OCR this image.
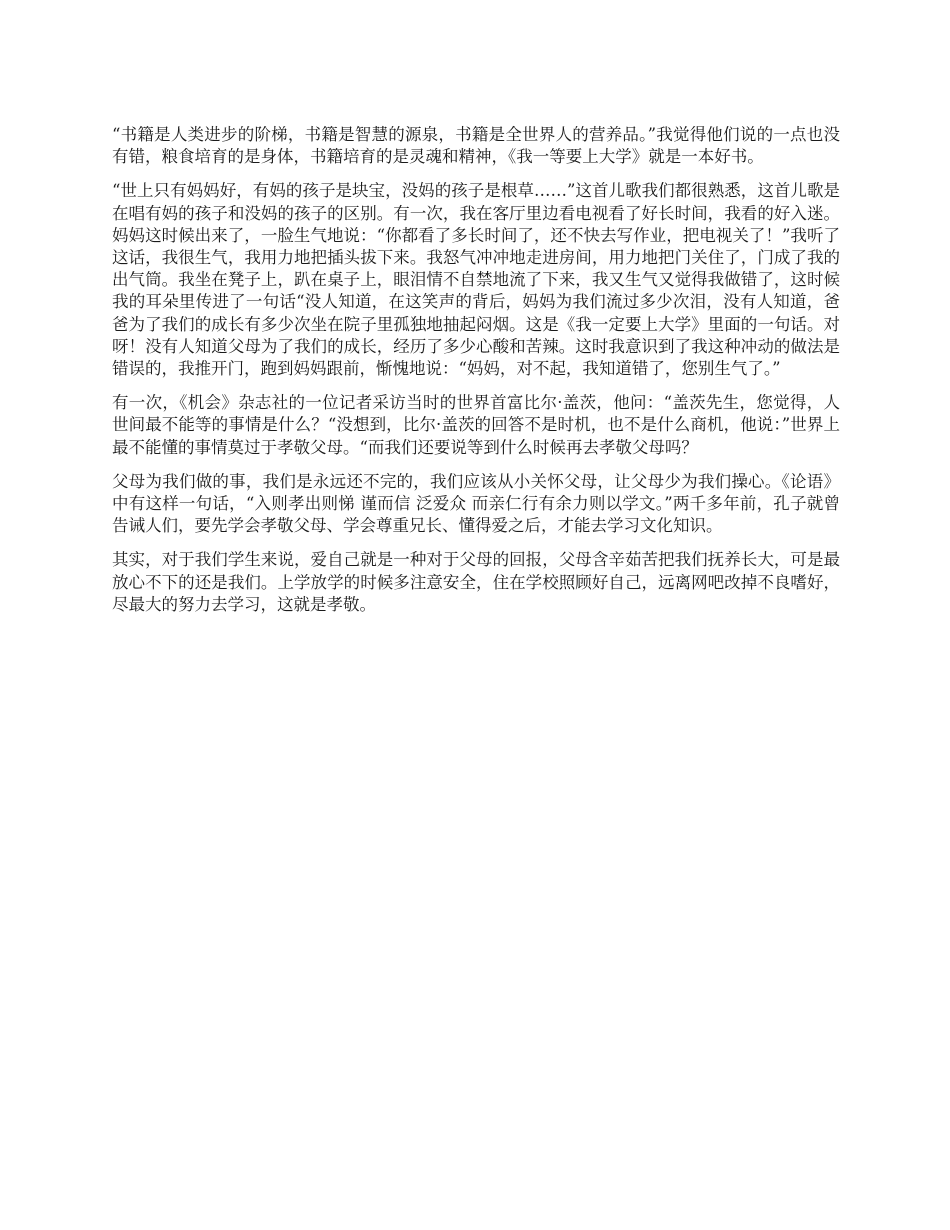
“书籍是人类进步的阶梯，书籍是智慧的源泉，书籍是全世界人的营养品。”我觉得他们说的一点也没有错，粮食培育的是身体，书籍培育的是灵魂和精神，《我一等要上大学》就是一本好书。

“世上只有妈妈好，有妈的孩子是块宝，没妈的孩子是根草……”这首儿歌我们都很熟悉，这首儿歌是在唱有妈的孩子和没妈的孩子的区别。有一次，我在客厅里边看电视看了好长时间，我看的好入迷。妈妈这时候出来了，一脸生气地说：“你都看了多长时间了，还不快去写作业，把电视关了！”我听了这话，我很生气，我用力地把插头拔下来。我怒气冲冲地走进房间，用力地把门关住了，门成了我的出气筒。我坐在凳子上，趴在桌子上，眼泪情不自禁地流了下来，我又生气又觉得我做错了，这时候我的耳朵里传进了一句话“没人知道，在这笑声的背后，妈妈为我们流过多少次泪，没有人知道，爸爸为了我们的成长有多少次坐在院子里孤独地抽起闷烟。这是《我一定要上大学》里面的一句话。对呀！没有人知道父母为了我们的成长，经历了多少心酸和苦辣。这时我意识到了我这种冲动的做法是错误的，我推开门，跑到妈妈跟前，惭愧地说：“妈妈，对不起，我知道错了，您别生气了。”

有一次，《机会》杂志社的一位记者采访当时的世界首富比尔·盖茨，他问：“盖茨先生，您觉得，人世间最不能等的事情是什么？“没想到，比尔·盖茨的回答不是时机，也不是什么商机，他说：”世界上最不能懂的事情莫过于孝敬父母。“而我们还要说等到什么时候再去孝敬父母吗？

父母为我们做的事，我们是永远还不完的，我们应该从小关怀父母，让父母少为我们操心。《论语》中有这样一句话，“入则孝出则悌 谨而信 泛爱众 而亲仁行有余力则以学文。”两千多年前，孔子就曾告诫人们，要先学会孝敬父母、学会尊重兄长、懂得爱之后，才能去学习文化知识。

其实，对于我们学生来说，爱自己就是一种对于父母的回报，父母含辛茹苦把我们抚养长大，可是最放心不下的还是我们。上学放学的时候多注意安全，住在学校照顾好自己，远离网吧改掉不良嗜好，尽最大的努力去学习，这就是孝敬。
